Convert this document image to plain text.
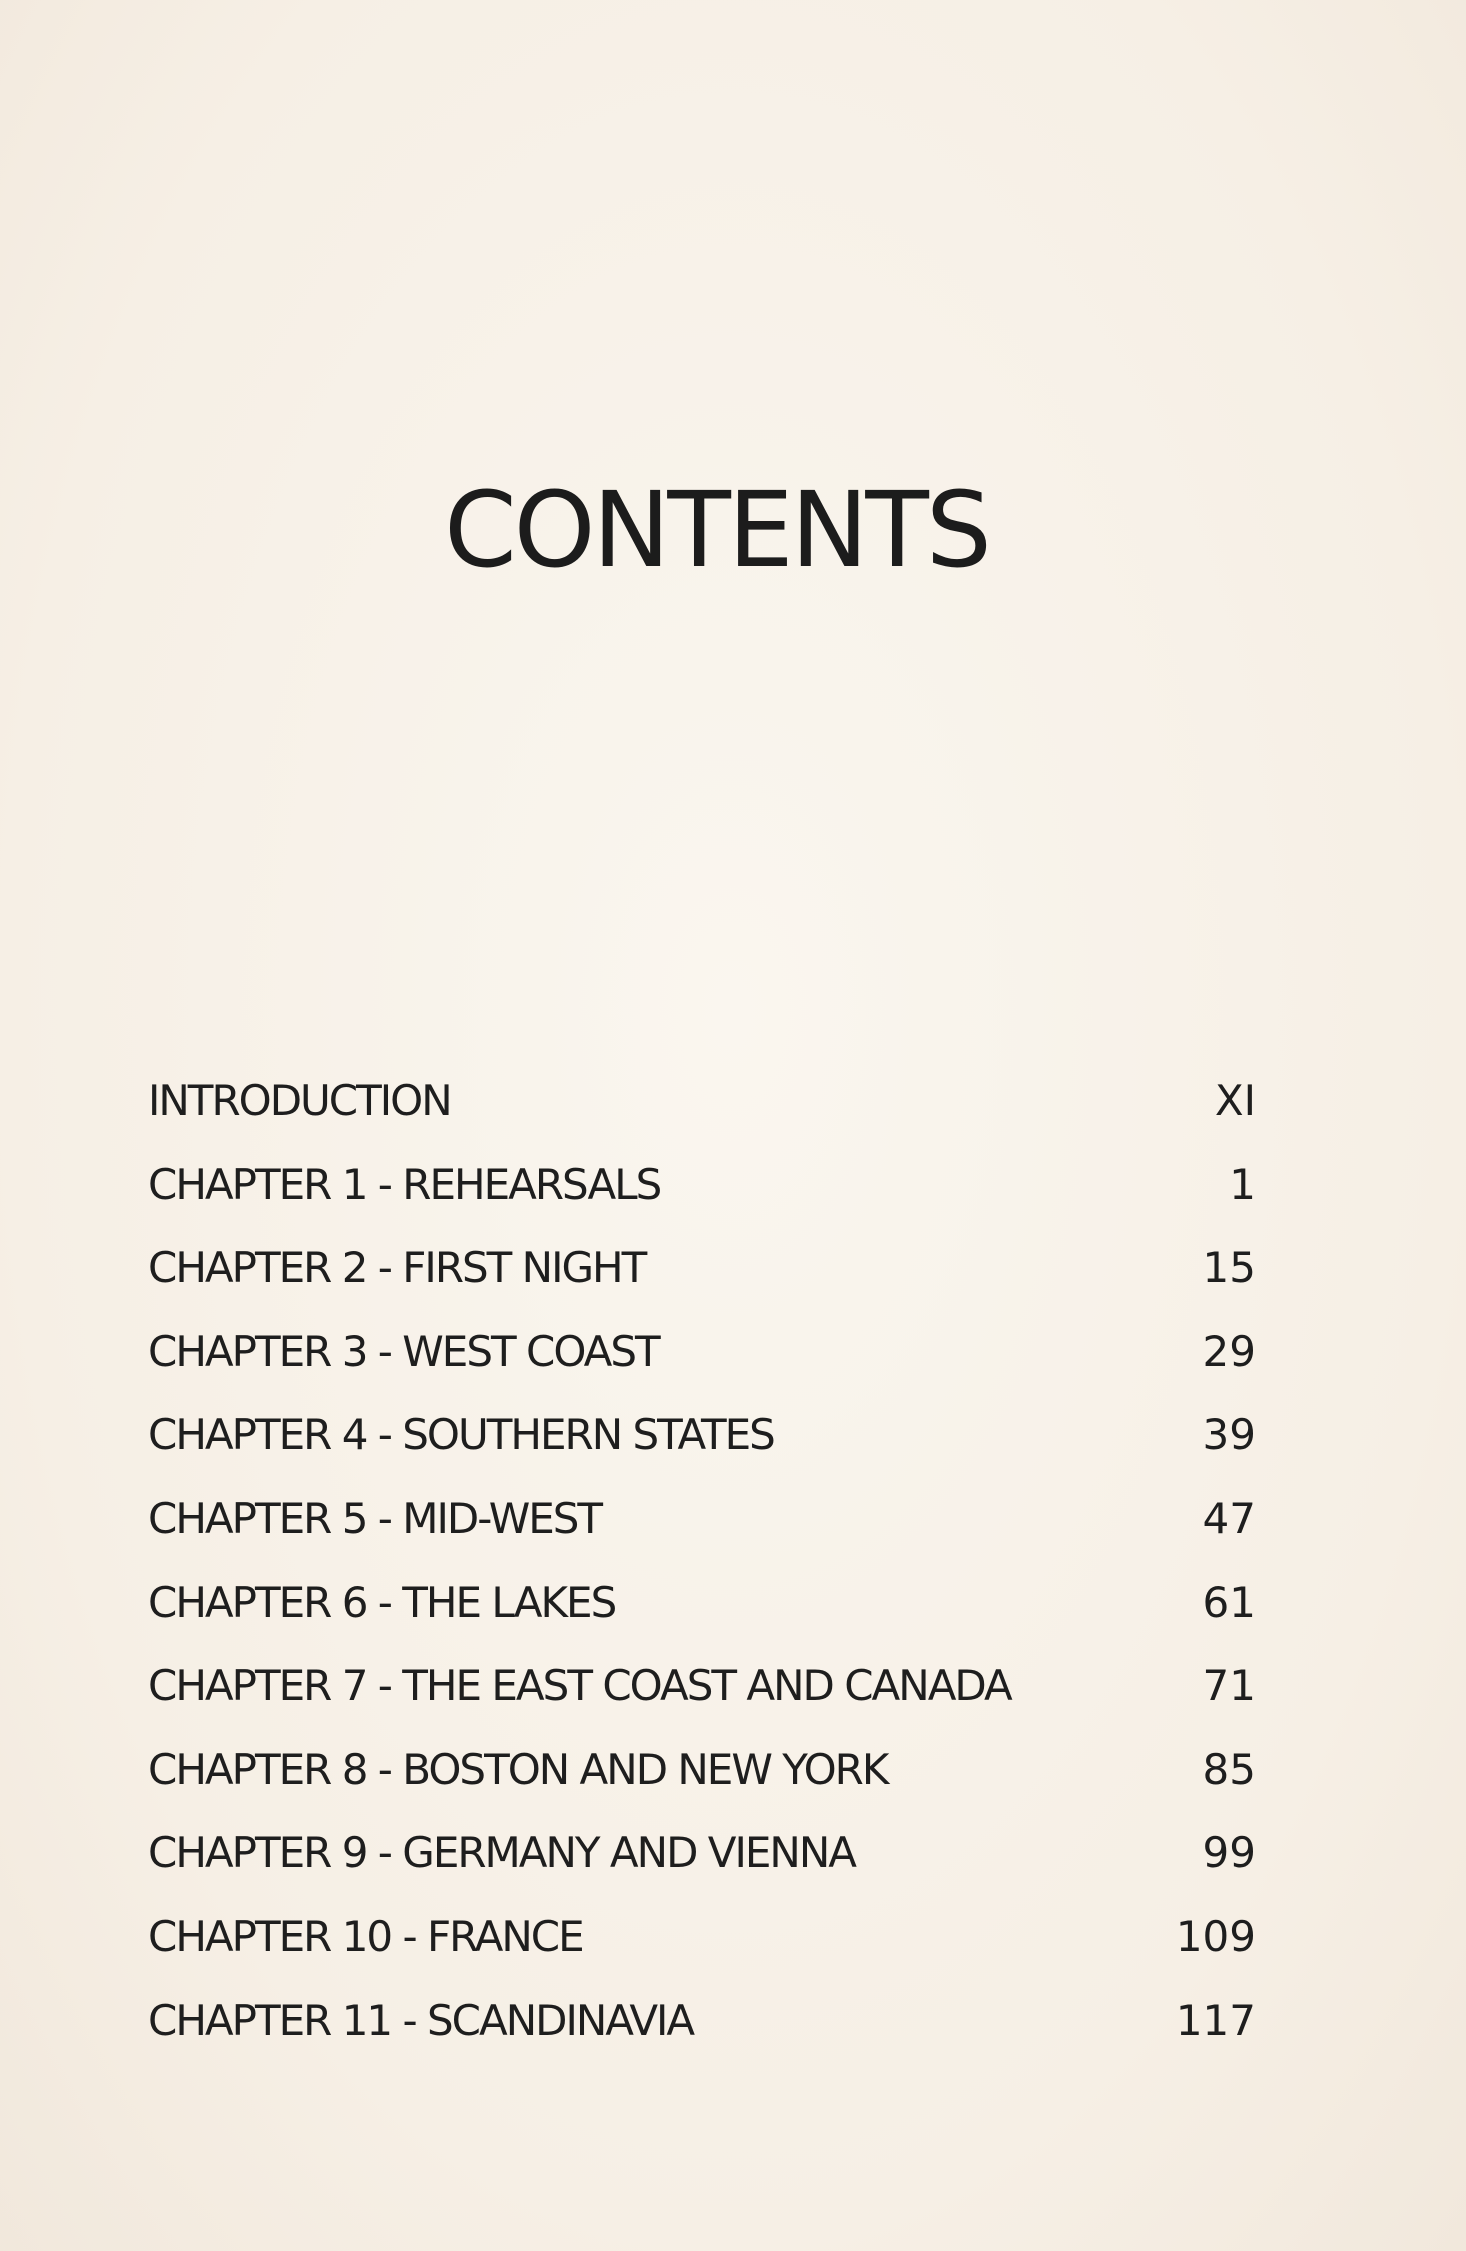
CONTENTS
INTRODUCTION	XI
CHAPTER 1 - REHEARSALS	1
CHAPTER 2 - FIRST NIGHT	15
CHAPTER 3 - WEST COAST	29
CHAPTER 4 - SOUTHERN STATES	39
CHAPTER 5 - MID-WEST	47
CHAPTER 6 - THE LAKES	61
CHAPTER 7 - THE EAST COAST AND CANADA	71
CHAPTER 8 - BOSTON AND NEW YORK	85
CHAPTER 9 - GERMANY AND VIENNA	99
CHAPTER 10 - FRANCE	109
CHAPTER 11 - SCANDINAVIA	117
